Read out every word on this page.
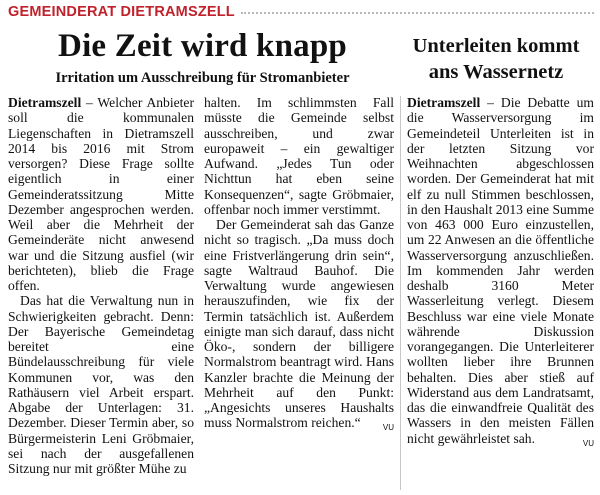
GEMEINDERAT DIETRAMSZELL
Die Zeit wird knapp
Irritation um Ausschreibung für Stromanbieter
Unterleiten kommt ans Wassernetz

Dietramszell – Welcher Anbieter soll die kommunalen Liegenschaften in Dietramszell 2014 bis 2016 mit Strom versorgen? Diese Frage sollte eigentlich in einer Gemeinderatssitzung Mitte Dezember angesprochen werden. Weil aber die Mehrheit der Gemeinderäte nicht anwesend war und die Sitzung ausfiel (wir berichteten), blieb die Frage offen.

Das hat die Verwaltung nun in Schwierigkeiten gebracht. Denn: Der Bayerische Gemeindetag bereitet eine Bündelausschreibung für viele Kommunen vor, was den Rathäusern viel Arbeit erspart. Abgabe der Unterlagen: 31. Dezember. Dieser Termin aber, so Bürgermeisterin Leni Gröbmaier, sei nach der ausgefallenen Sitzung nur mit größter Mühe zu

halten. Im schlimmsten Fall müsste die Gemeinde selbst ausschreiben, und zwar europaweit – ein gewaltiger Aufwand. „Jedes Tun oder Nichttun hat eben seine Konsequenzen“, sagte Gröbmaier, offenbar noch immer verstimmt.

Der Gemeinderat sah das Ganze nicht so tragisch. „Da muss doch eine Fristverlängerung drin sein“, sagte Waltraud Bauhof. Die Verwaltung wurde angewiesen herauszufinden, wie fix der Termin tatsächlich ist. Außerdem einigte man sich darauf, dass nicht Öko-, sondern der billigere Normalstrom beantragt wird. Hans Kanzler brachte die Meinung der Mehrheit auf den Punkt: „Angesichts unseres Haushalts muss Normalstrom reichen.“	VU

Dietramszell – Die Debatte um die Wasserversorgung im Gemeindeteil Unterleiten ist in der letzten Sitzung vor Weihnachten abgeschlossen worden. Der Gemeinderat hat mit elf zu null Stimmen beschlossen, in den Haushalt 2013 eine Summe von 463 000 Euro einzustellen, um 22 Anwesen an die öffentliche Wasserversorgung anzuschließen. Im kommenden Jahr werden deshalb 3160 Meter Wasserleitung verlegt. Diesem Beschluss war eine viele Monate währende Diskussion vorangegangen. Die Unterleiterer wollten lieber ihre Brunnen behalten. Dies aber stieß auf Widerstand aus dem Landratsamt, das die einwandfreie Qualität des Wassers in den meisten Fällen nicht gewährleistet sah.	VU
